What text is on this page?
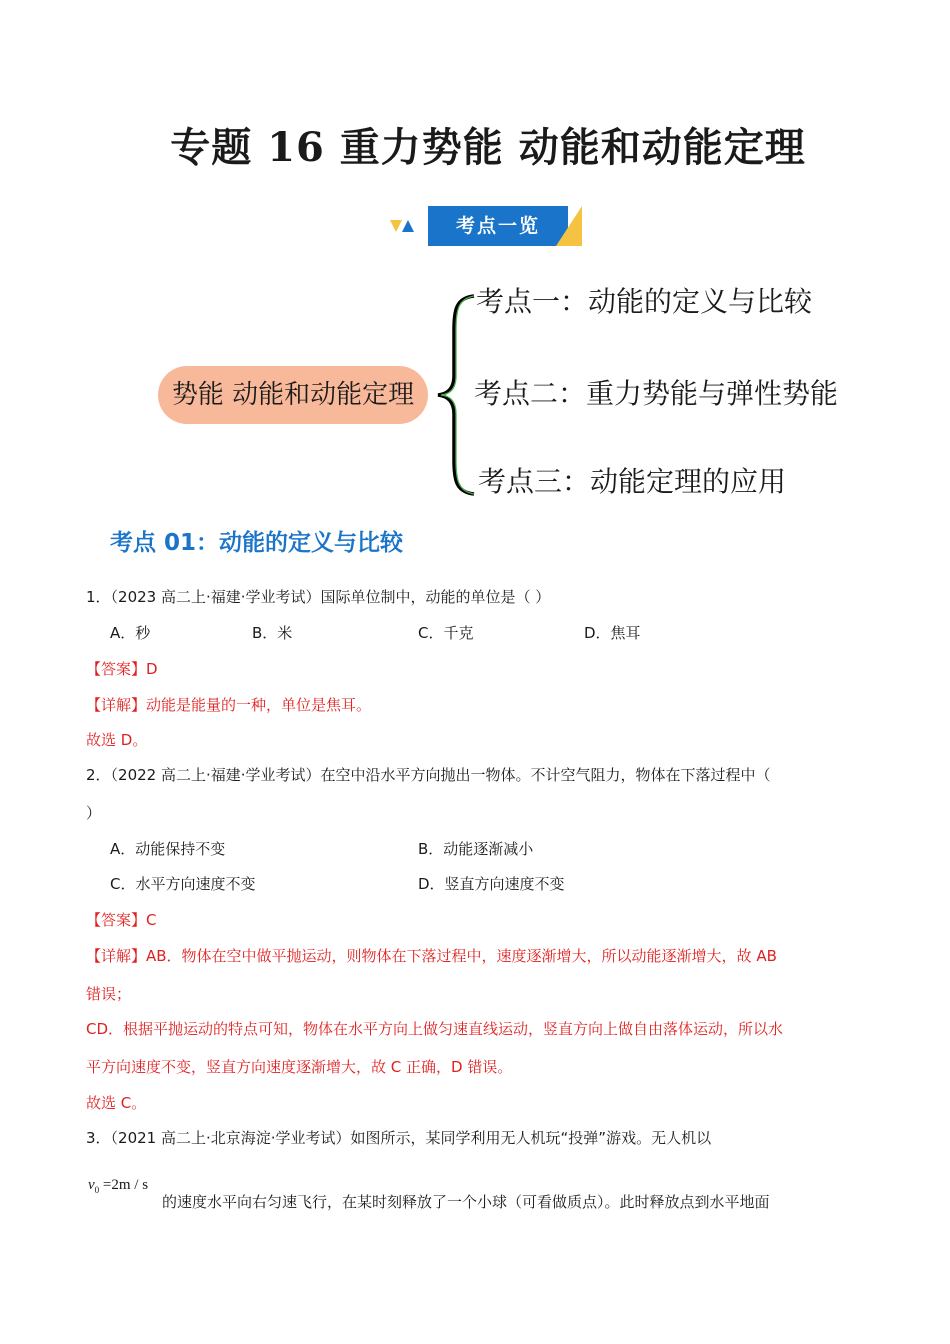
专题 16 重力势能 动能和动能定理
考点一览
势能 动能和动能定理
考点一：动能的定义与比较
考点二：重力势能与弹性势能
考点三：动能定理的应用
考点 01：动能的定义与比较
1．（2023 高二上·福建·学业考试）国际单位制中，动能的单位是（ ）
A．秒	B．米	C．千克	D．焦耳
【答案】D
【详解】动能是能量的一种，单位是焦耳。
故选 D。
2．（2022 高二上·福建·学业考试）在空中沿水平方向抛出一物体。不计空气阻力，物体在下落过程中（
）
A．动能保持不变	B．动能逐渐减小
C．水平方向速度不变	D．竖直方向速度不变
【答案】C
【详解】AB．物体在空中做平抛运动，则物体在下落过程中，速度逐渐增大，所以动能逐渐增大，故 AB
错误；
CD．根据平抛运动的特点可知，物体在水平方向上做匀速直线运动，竖直方向上做自由落体运动，所以水
平方向速度不变，竖直方向速度逐渐增大，故 C 正确，D 错误。
故选 C。
3．（2021 高二上·北京海淀·学业考试）如图所示，某同学利用无人机玩“投弹”游戏。无人机以
$v_0 =2m / s$
的速度水平向右匀速飞行，在某时刻释放了一个小球（可看做质点）。此时释放点到水平地面
